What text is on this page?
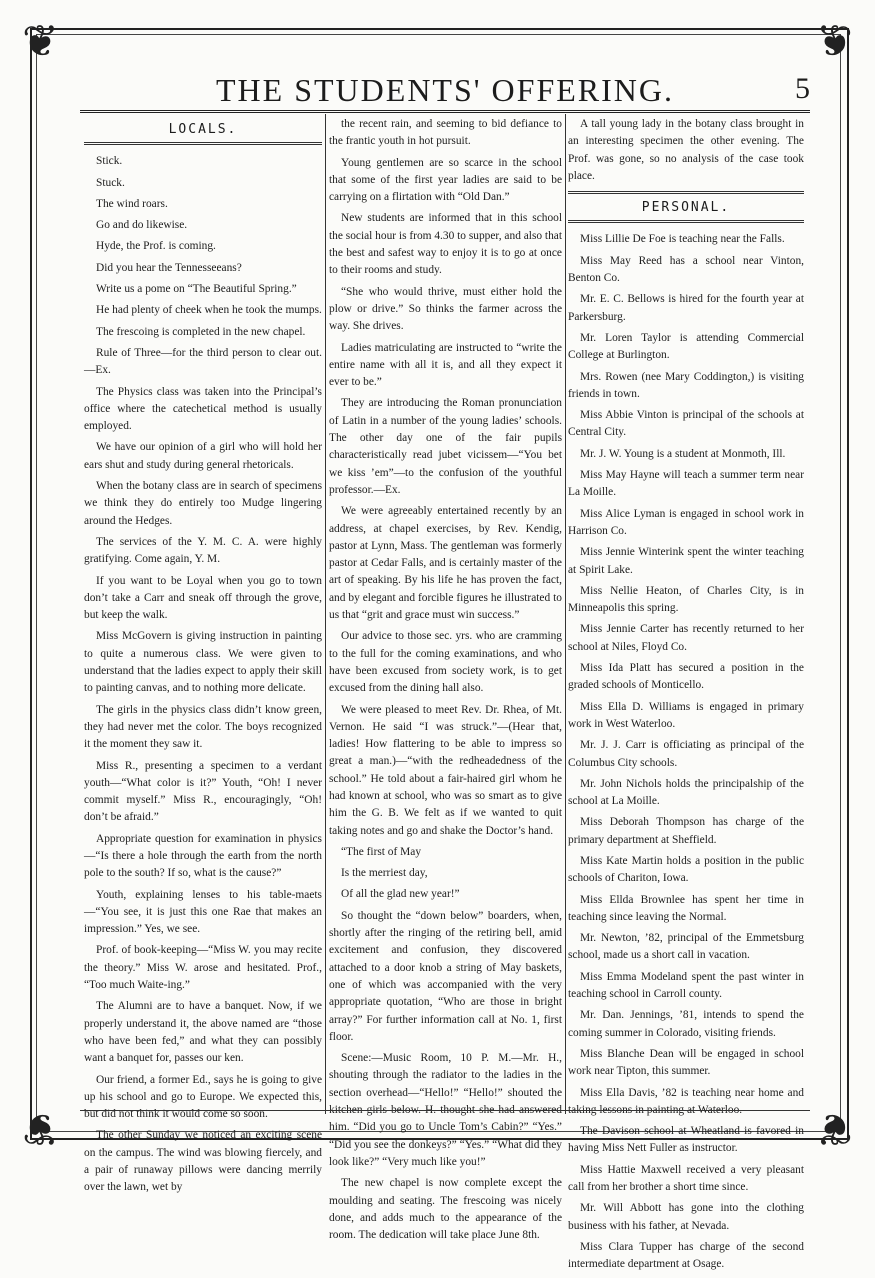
❦	❦
❦	❦
THE STUDENTS' OFFERING.	5
LOCALS.

Stick.

Stuck.

The wind roars.

Go and do likewise.

Hyde, the Prof. is coming.

Did you hear the Tennesseeans?

Write us a pome on “The Beautiful Spring.”

He had plenty of cheek when he took the mumps.

The frescoing is completed in the new chapel.

Rule of Three—for the third person to clear out.—Ex.

The Physics class was taken into the Principal’s office where the catechetical method is usually employed.

We have our opinion of a girl who will hold her ears shut and study during general rhetoricals.

When the botany class are in search of specimens we think they do entirely too Mudge lingering around the Hedges.

The services of the Y. M. C. A. were highly gratifying. Come again, Y. M.

If you want to be Loyal when you go to town don’t take a Carr and sneak off through the grove, but keep the walk.

Miss McGovern is giving instruction in painting to quite a numerous class. We were given to understand that the ladies expect to apply their skill to painting canvas, and to nothing more delicate.

The girls in the physics class didn’t know green, they had never met the color. The boys recognized it the moment they saw it.

Miss R., presenting a specimen to a verdant youth—“What color is it?” Youth, “Oh! I never commit myself.” Miss R., encouragingly, “Oh! don’t be afraid.”

Appropriate question for examination in physics—“Is there a hole through the earth from the north pole to the south? If so, what is the cause?”

Youth, explaining lenses to his table-maets —“You see, it is just this one Rae that makes an impression.” Yes, we see.

Prof. of book-keeping—“Miss W. you may recite the theory.” Miss W. arose and hesitated. Prof., “Too much Waite-ing.”

The Alumni are to have a banquet. Now, if we properly understand it, the above named are “those who have been fed,” and what they can possibly want a banquet for, passes our ken.

Our friend, a former Ed., says he is going to give up his school and go to Europe. We expected this, but did not think it would come so soon.

The other Sunday we noticed an exciting scene on the campus. The wind was blowing fiercely, and a pair of runaway pillows were dancing merrily over the lawn, wet by

the recent rain, and seeming to bid defiance to the frantic youth in hot pursuit.

Young gentlemen are so scarce in the school that some of the first year ladies are said to be carrying on a flirtation with “Old Dan.”

New students are informed that in this school the social hour is from 4.30 to supper, and also that the best and safest way to enjoy it is to go at once to their rooms and study.

“She who would thrive, must either hold the plow or drive.” So thinks the farmer across the way. She drives.

Ladies matriculating are instructed to “write the entire name with all it is, and all they expect it ever to be.”

They are introducing the Roman pronunciation of Latin in a number of the young ladies’ schools. The other day one of the fair pupils characteristically read jubet vicissem—“You bet we kiss ’em”—to the confusion of the youthful professor.—Ex.

We were agreeably entertained recently by an address, at chapel exercises, by Rev. Kendig, pastor at Lynn, Mass. The gentleman was formerly pastor at Cedar Falls, and is certainly master of the art of speaking. By his life he has proven the fact, and by elegant and forcible figures he illustrated to us that “grit and grace must win success.”

Our advice to those sec. yrs. who are cramming to the full for the coming examinations, and who have been excused from society work, is to get excused from the dining hall also.

We were pleased to meet Rev. Dr. Rhea, of Mt. Vernon. He said “I was struck.”—(Hear that, ladies! How flattering to be able to impress so great a man.)—“with the redheadedness of the school.” He told about a fair-haired girl whom he had known at school, who was so smart as to give him the G. B. We felt as if we wanted to quit taking notes and go and shake the Doctor’s hand.

“The first of May

Is the merriest day,

Of all the glad new year!”

So thought the “down below” boarders, when, shortly after the ringing of the retiring bell, amid excitement and confusion, they discovered attached to a door knob a string of May baskets, one of which was accompanied with the very appropriate quotation, “Who are those in bright array?” For further information call at No. 1, first floor.

Scene:—Music Room, 10 P. M.—Mr. H., shouting through the radiator to the ladies in the section overhead—“Hello!” “Hello!” shouted the kitchen girls below. H. thought she had answered him. “Did you go to Uncle Tom’s Cabin?” “Yes.” “Did you see the donkeys?” “Yes.” “What did they look like?” “Very much like you!”

The new chapel is now complete except the moulding and seating. The frescoing was nicely done, and adds much to the appearance of the room. The dedication will take place June 8th.

A tall young lady in the botany class brought in an interesting specimen the other evening. The Prof. was gone, so no analysis of the case took place.

PERSONAL.

Miss Lillie De Foe is teaching near the Falls.

Miss May Reed has a school near Vinton, Benton Co.

Mr. E. C. Bellows is hired for the fourth year at Parkersburg.

Mr. Loren Taylor is attending Commercial College at Burlington.

Mrs. Rowen (nee Mary Coddington,) is visiting friends in town.

Miss Abbie Vinton is principal of the schools at Central City.

Mr. J. W. Young is a student at Monmoth, Ill.

Miss May Hayne will teach a summer term near La Moille.

Miss Alice Lyman is engaged in school work in Harrison Co.

Miss Jennie Winterink spent the winter teaching at Spirit Lake.

Miss Nellie Heaton, of Charles City, is in Minneapolis this spring.

Miss Jennie Carter has recently returned to her school at Niles, Floyd Co.

Miss Ida Platt has secured a position in the graded schools of Monticello.

Miss Ella D. Williams is engaged in primary work in West Waterloo.

Mr. J. J. Carr is officiating as principal of the Columbus City schools.

Mr. John Nichols holds the principalship of the school at La Moille.

Miss Deborah Thompson has charge of the primary department at Sheffield.

Miss Kate Martin holds a position in the public schools of Chariton, Iowa.

Miss Ellda Brownlee has spent her time in teaching since leaving the Normal.

Mr. Newton, ’82, principal of the Emmetsburg school, made us a short call in vacation.

Miss Emma Modeland spent the past winter in teaching school in Carroll county.

Mr. Dan. Jennings, ’81, intends to spend the coming summer in Colorado, visiting friends.

Miss Blanche Dean will be engaged in school work near Tipton, this summer.

Miss Ella Davis, ’82 is teaching near home and taking lessons in painting at Waterloo.

The Davison school at Wheatland is favored in having Miss Nett Fuller as instructor.

Miss Hattie Maxwell received a very pleasant call from her brother a short time since.

Mr. Will Abbott has gone into the clothing business with his father, at Nevada.

Miss Clara Tupper has charge of the second intermediate department at Osage.
